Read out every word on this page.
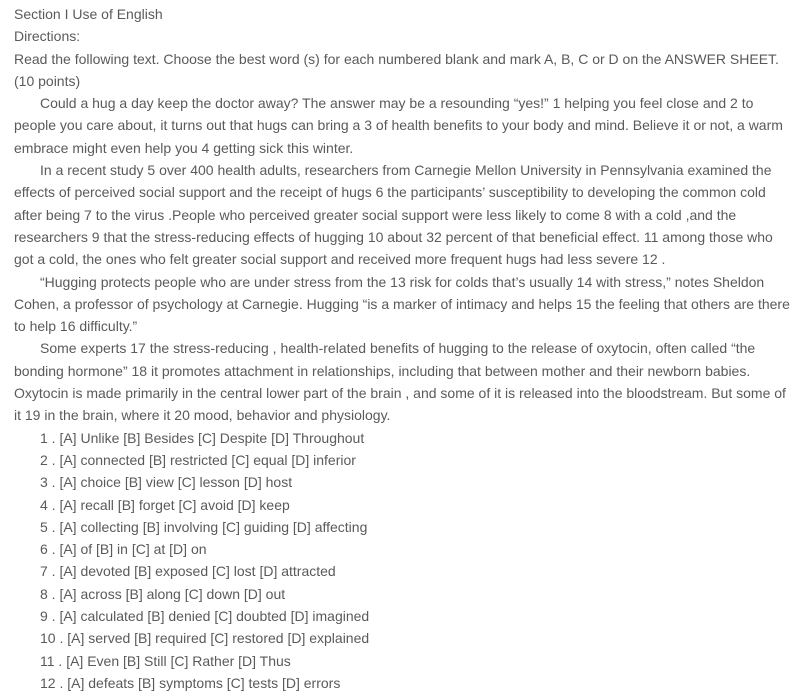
Section I Use of English
Directions:
Read the following text. Choose the best word (s) for each numbered blank and mark A, B, C or D on the ANSWER SHEET.
(10 points)
Could a hug a day keep the doctor away? The answer may be a resounding “yes!” 1 helping you feel close and 2 to people you care about, it turns out that hugs can bring a 3 of health benefits to your body and mind. Believe it or not, a warm embrace might even help you 4 getting sick this winter.
In a recent study 5 over 400 health adults, researchers from Carnegie Mellon University in Pennsylvania examined the effects of perceived social support and the receipt of hugs 6 the participants’ susceptibility to developing the common cold after being 7 to the virus .People who perceived greater social support were less likely to come 8 with a cold ,and the researchers 9 that the stress-reducing effects of hugging 10 about 32 percent of that beneficial effect. 11 among those who got a cold, the ones who felt greater social support and received more frequent hugs had less severe 12 .
“Hugging protects people who are under stress from the 13 risk for colds that’s usually 14 with stress,” notes Sheldon Cohen, a professor of psychology at Carnegie. Hugging “is a marker of intimacy and helps 15 the feeling that others are there to help 16 difficulty.”
Some experts 17 the stress-reducing , health-related benefits of hugging to the release of oxytocin, often called “the bonding hormone” 18 it promotes attachment in relationships, including that between mother and their newborn babies. Oxytocin is made primarily in the central lower part of the brain , and some of it is released into the bloodstream. But some of it 19 in the brain, where it 20 mood, behavior and physiology.
1 . [A] Unlike [B] Besides [C] Despite [D] Throughout
2 . [A] connected [B] restricted [C] equal [D] inferior
3 . [A] choice [B] view [C] lesson [D] host
4 . [A] recall [B] forget [C] avoid [D] keep
5 . [A] collecting [B] involving [C] guiding [D] affecting
6 . [A] of [B] in [C] at [D] on
7 . [A] devoted [B] exposed [C] lost [D] attracted
8 . [A] across [B] along [C] down [D] out
9 . [A] calculated [B] denied [C] doubted [D] imagined
10 . [A] served [B] required [C] restored [D] explained
11 . [A] Even [B] Still [C] Rather [D] Thus
12 . [A] defeats [B] symptoms [C] tests [D] errors
